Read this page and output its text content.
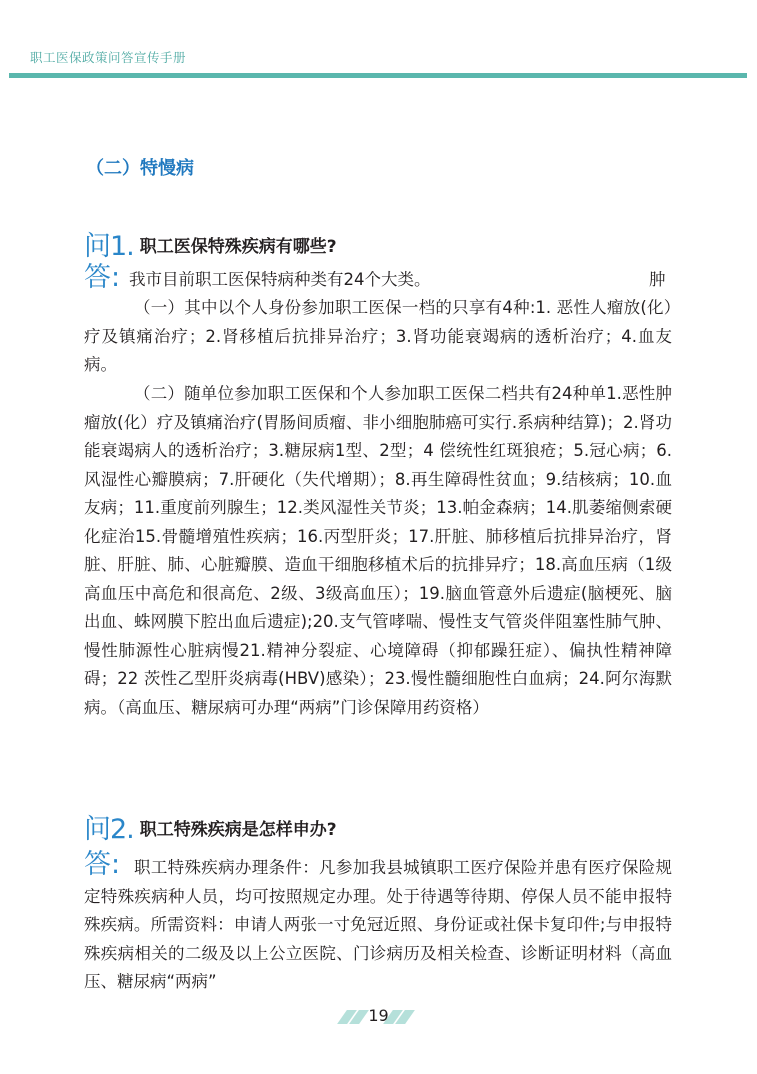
职工医保政策问答宣传手册
（二）特慢病
问1. 职工医保特殊疾病有哪些?
答: 我市目前职工医保特病种类有24个大类。	肿
（一）其中以个人身份参加职工医保一档的只享有4种:1. 恶性人瘤放(化）疗及镇痛治疗；2.肾移植后抗排异治疗；3.肾功能衰竭病的透析治疗；4.血友病。
（二）随单位参加职工医保和个人参加职工医保二档共有24种单1.恶性肿瘤放(化）疗及镇痛治疗(胃肠间质瘤、非小细胞肺癌可实行.系病种结算)；2.肾功能衰竭病人的透析治疗；3.糖尿病1型、2型；4 偿统性红斑狼疮；5.冠心病；6.风湿性心瓣膜病；7.肝硬化（失代增期）；8.再生障碍性贫血；9.结核病；10.血友病；11.重度前列腺生；12.类风湿性关节炎；13.帕金森病；14.肌萎缩侧索硬化症治15.骨髓增殖性疾病；16.丙型肝炎；17.肝脏、肺移植后抗排异治疗，肾脏、肝脏、肺、心脏瓣膜、造血干细胞移植术后的抗排异疗；18.高血压病（1级高血压中高危和很高危、2级、3级高血压）；19.脑血管意外后遗症(脑梗死、脑出血、蛛网膜下腔出血后遗症);20.支气管哮喘、慢性支气管炎伴阻塞性肺气肿、慢性肺源性心脏病慢21.精神分裂症、心境障碍（抑郁躁狂症）、偏执性精神障碍；22 茨性乙型肝炎病毒(HBV)感染）；23.慢性髓细胞性白血病；24.阿尔海默病。（高血压、糖尿病可办理“两病”门诊保障用药资格）
问2. 职工特殊疾病是怎样申办?
答: 职工特殊疾病办理条件：凡参加我县城镇职工医疗保险并患有医疗保险规定特殊疾病种人员，均可按照规定办理。处于待遇等待期、停保人员不能申报特殊疾病。所需资料：申请人两张一寸免冠近照、身份证或社保卡复印件;与申报特殊疾病相关的二级及以上公立医院、门诊病历及相关检查、诊断证明材料（高血压、糖尿病“两病”
19
